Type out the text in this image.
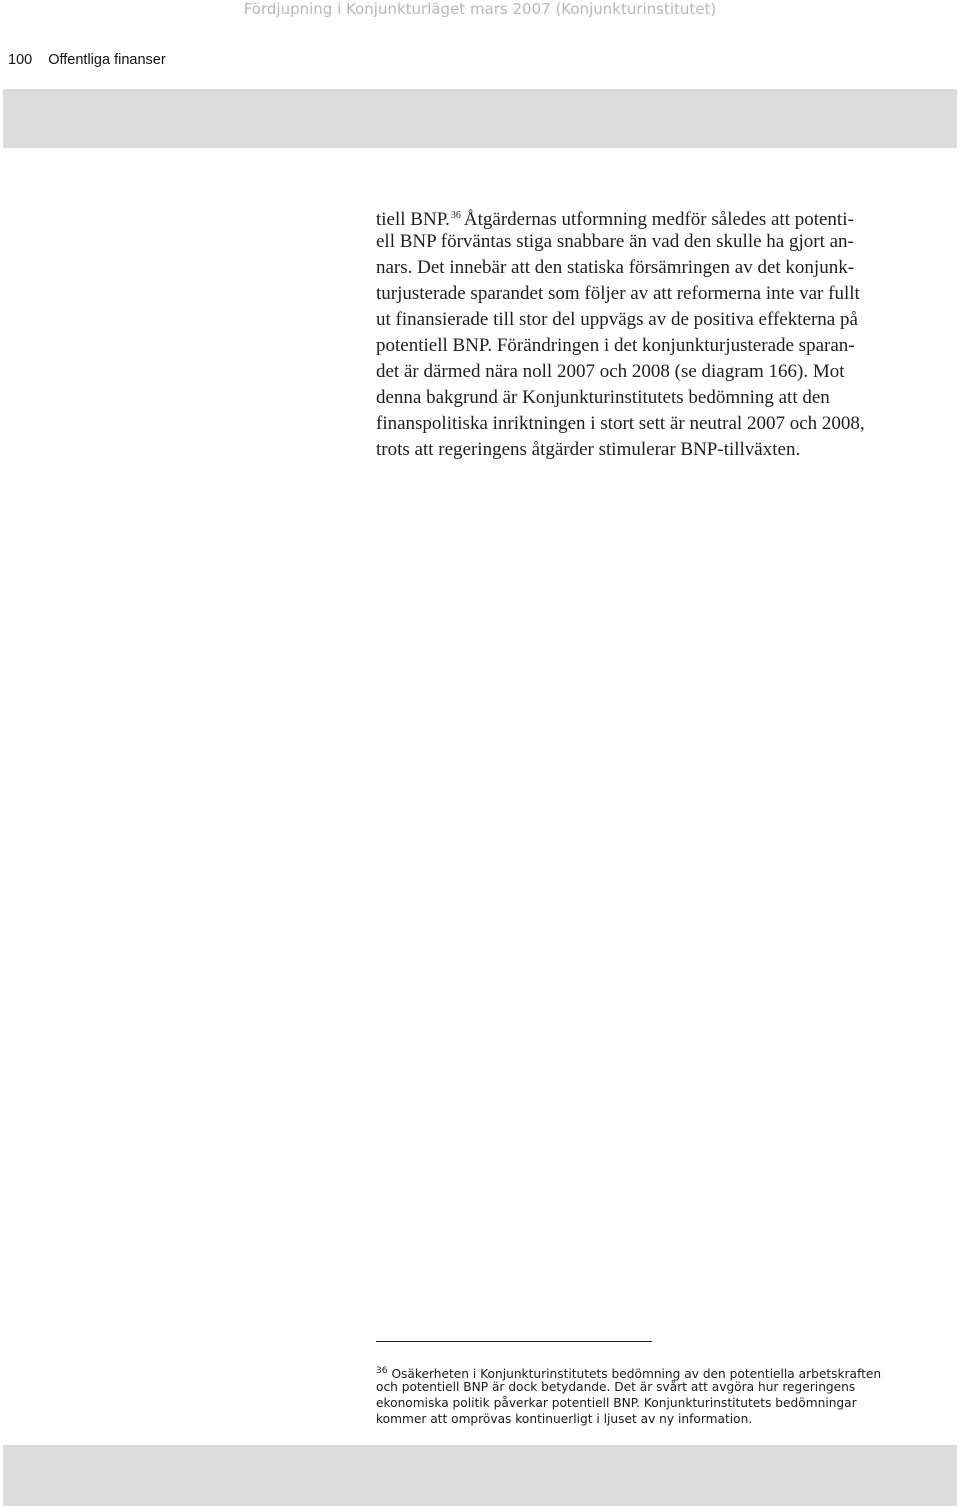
Fördjupning i Konjunkturläget mars 2007 (Konjunkturinstitutet)
100 Offentliga finanser
tiell BNP.$^{36}$ Åtgärdernas utformning medför således att potenti-
ell BNP förväntas stiga snabbare än vad den skulle ha gjort an-
nars. Det innebär att den statiska försämringen av det konjunk-
turjusterade sparandet som följer av att reformerna inte var fullt
ut finansierade till stor del uppvägs av de positiva effekterna på
potentiell BNP. Förändringen i det konjunkturjusterade sparan-
det är därmed nära noll 2007 och 2008 (se diagram 166). Mot
denna bakgrund är Konjunkturinstitutets bedömning att den
finanspolitiska inriktningen i stort sett är neutral 2007 och 2008,
trots att regeringens åtgärder stimulerar BNP-tillväxten.
$^{36}$ Osäkerheten i Konjunkturinstitutets bedömning av den potentiella arbetskraften
och potentiell BNP är dock betydande. Det är svårt att avgöra hur regeringens
ekonomiska politik påverkar potentiell BNP. Konjunkturinstitutets bedömningar
kommer att omprövas kontinuerligt i ljuset av ny information.
